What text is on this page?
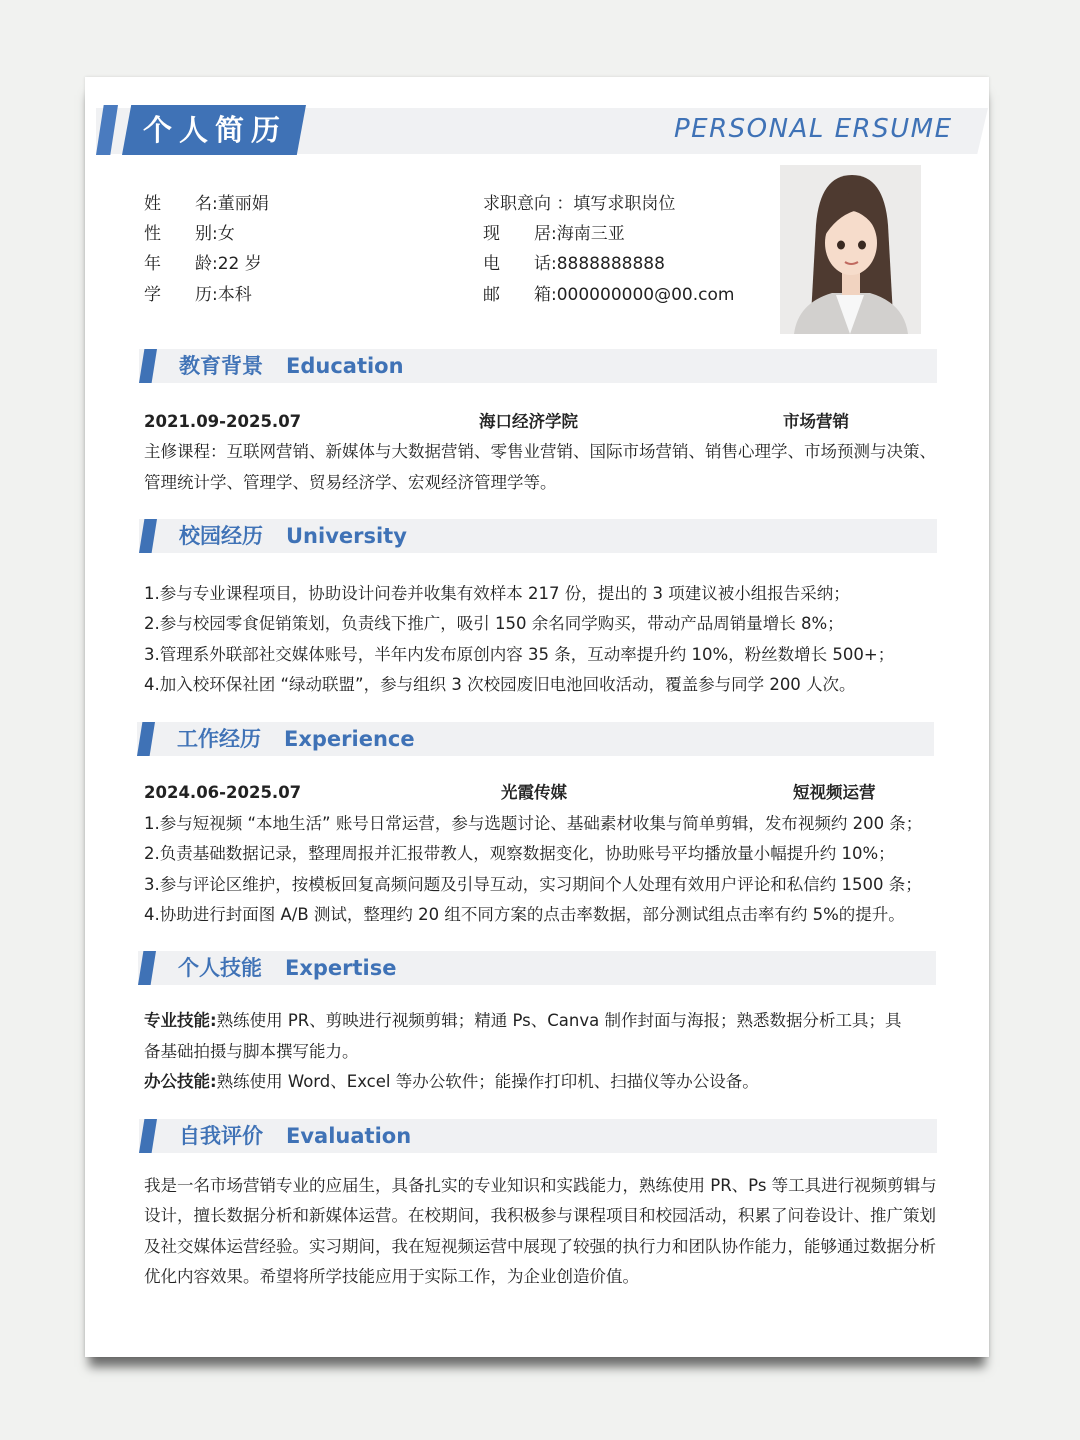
个人简历	PERSONAL ERSUME
姓　　名:董丽娟
性　　别:女
年　　龄:22 岁
学　　历:本科
求职意向 ：填写求职岗位
现　　居:海南三亚
电　　话:8888888888
邮　　箱:000000000@00.com
教育背景 Education
2021.09-2025.07	海口经济学院	市场营销
主修课程：互联网营销、新媒体与大数据营销、零售业营销、国际市场营销、销售心理学、市场预测与决策、
管理统计学、管理学、贸易经济学、宏观经济管理学等。
校园经历 University
1.参与专业课程项目，协助设计问卷并收集有效样本 217 份，提出的 3 项建议被小组报告采纳；
2.参与校园零食促销策划，负责线下推广，吸引 150 余名同学购买，带动产品周销量增长 8%；
3.管理系外联部社交媒体账号，半年内发布原创内容 35 条，互动率提升约 10%，粉丝数增长 500+；
4.加入校环保社团 “绿动联盟”，参与组织 3 次校园废旧电池回收活动，覆盖参与同学 200 人次。
工作经历 Experience
2024.06-2025.07	光霞传媒	短视频运营
1.参与短视频 “本地生活” 账号日常运营，参与选题讨论、基础素材收集与简单剪辑，发布视频约 200 条；
2.负责基础数据记录，整理周报并汇报带教人，观察数据变化，协助账号平均播放量小幅提升约 10%；
3.参与评论区维护，按模板回复高频问题及引导互动，实习期间个人处理有效用户评论和私信约 1500 条；
4.协助进行封面图 A/B 测试，整理约 20 组不同方案的点击率数据，部分测试组点击率有约 5%的提升。
个人技能 Expertise
专业技能:熟练使用 PR、剪映进行视频剪辑；精通 Ps、Canva 制作封面与海报；熟悉数据分析工具；具
备基础拍摄与脚本撰写能力。
办公技能:熟练使用 Word、Excel 等办公软件；能操作打印机、扫描仪等办公设备。
自我评价 Evaluation
我是一名市场营销专业的应届生，具备扎实的专业知识和实践能力，熟练使用 PR、Ps 等工具进行视频剪辑与设计，擅长数据分析和新媒体运营。在校期间，我积极参与课程项目和校园活动，积累了问卷设计、推广策划及社交媒体运营经验。实习期间，我在短视频运营中展现了较强的执行力和团队协作能力，能够通过数据分析优化内容效果。希望将所学技能应用于实际工作，为企业创造价值。
